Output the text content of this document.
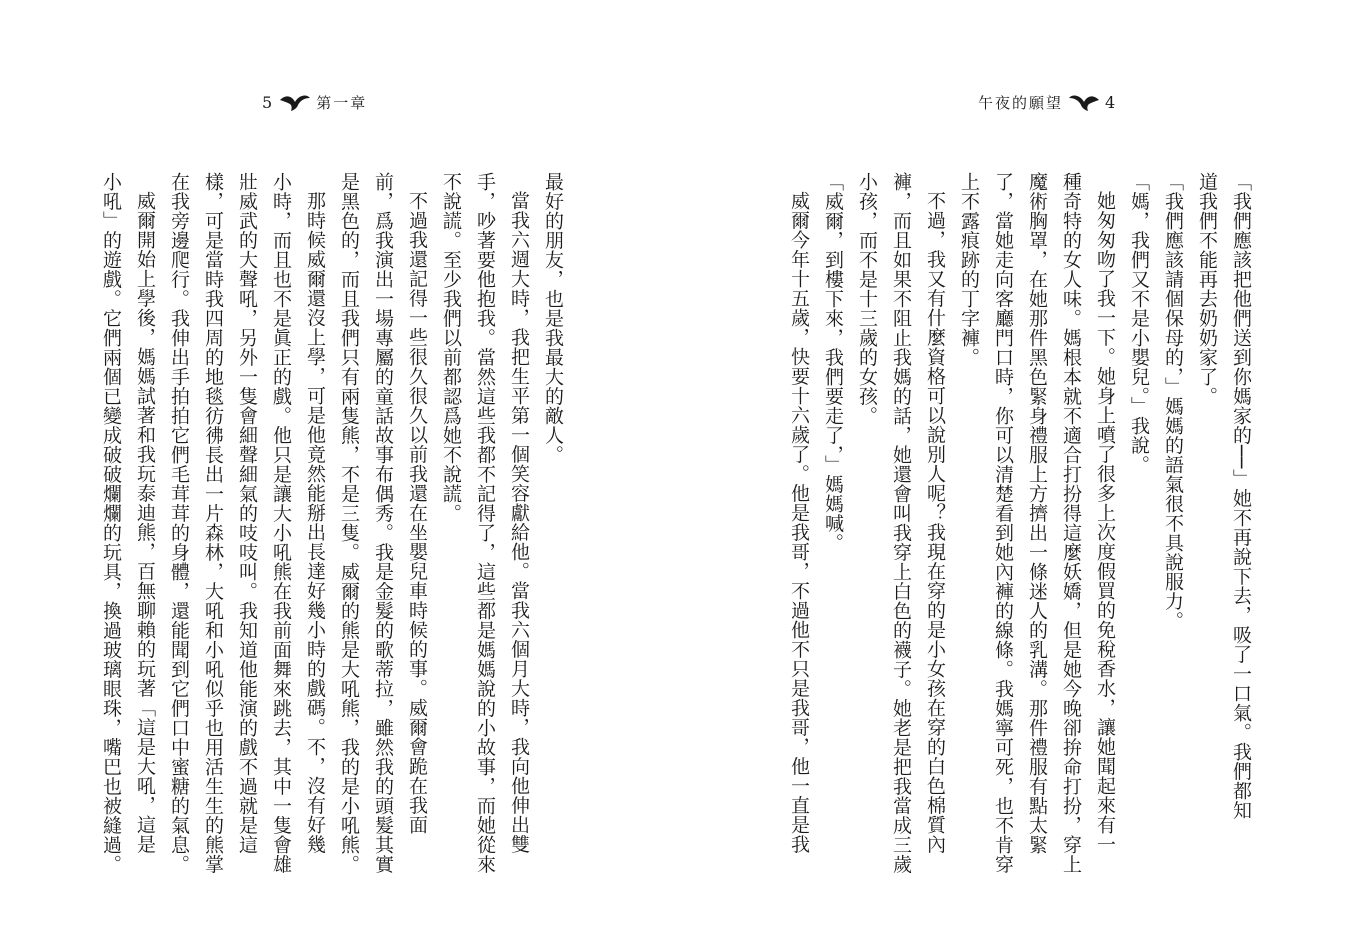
5	第一章

最好的朋友，也是我最大的敵人。

當我六週大時，我把生平第一個笑容獻給他。當我六個月大時，我向他伸出雙

手，吵著要他抱我。當然這些我都不記得了，這些都是媽媽說的小故事，而她從來

不說謊。至少我們以前都認爲她不說謊。

不過我還記得一些很久很久以前我還在坐嬰兒車時候的事。威爾會跪在我面

前，爲我演出一場專屬的童話故事布偶秀。我是金髮的歌蒂拉，雖然我的頭髮其實

是黑色的，而且我們只有兩隻熊，不是三隻。威爾的熊是大吼熊，我的是小吼熊。

那時候威爾還沒上學，可是他竟然能掰出長達好幾小時的戲碼。不，沒有好幾

小時，而且也不是眞正的戲。他只是讓大小吼熊在我前面舞來跳去，其中一隻會雄

壯威武的大聲吼，另外一隻會細聲細氣的吱吱叫。我知道他能演的戲不過就是這

樣，可是當時我四周的地毯彷彿長出一片森林，大吼和小吼似乎也用活生生的熊掌

在我旁邊爬行。我伸出手拍拍它們毛茸茸的身體，還能聞到它們口中蜜糖的氣息。

威爾開始上學後，媽媽試著和我玩泰迪熊，百無聊賴的玩著「這是大吼，這是

小吼」的遊戲。它們兩個已變成破破爛爛的玩具，換過玻璃眼珠，嘴巴也被縫過。

午夜的願望	4

「我們應該把他們送到你媽家的──」她不再說下去，吸了一口氣。我們都知

道我們不能再去奶奶家了。

「我們應該請個保母的，」媽媽的語氣很不具說服力。

「媽，我們又不是小嬰兒。」我說。

她匆匆吻了我一下。她身上噴了很多上次度假買的免稅香水，讓她聞起來有一

種奇特的女人味。媽根本就不適合打扮得這麼妖嬌，但是她今晚卻拚命打扮，穿上

魔術胸罩，在她那件黑色緊身禮服上方擠出一條迷人的乳溝。那件禮服有點太緊

了，當她走向客廳門口時，你可以清楚看到她內褲的線條。我媽寧可死，也不肯穿

上不露痕跡的丁字褲。

不過，我又有什麼資格可以說別人呢？我現在穿的是小女孩在穿的白色棉質內

褲，而且如果不阻止我媽的話，她還會叫我穿上白色的襪子。她老是把我當成三歲

小孩，而不是十三歲的女孩。

「威爾，到樓下來，我們要走了，」媽媽喊。

威爾今年十五歲，快要十六歲了。他是我哥，不過他不只是我哥，他一直是我
